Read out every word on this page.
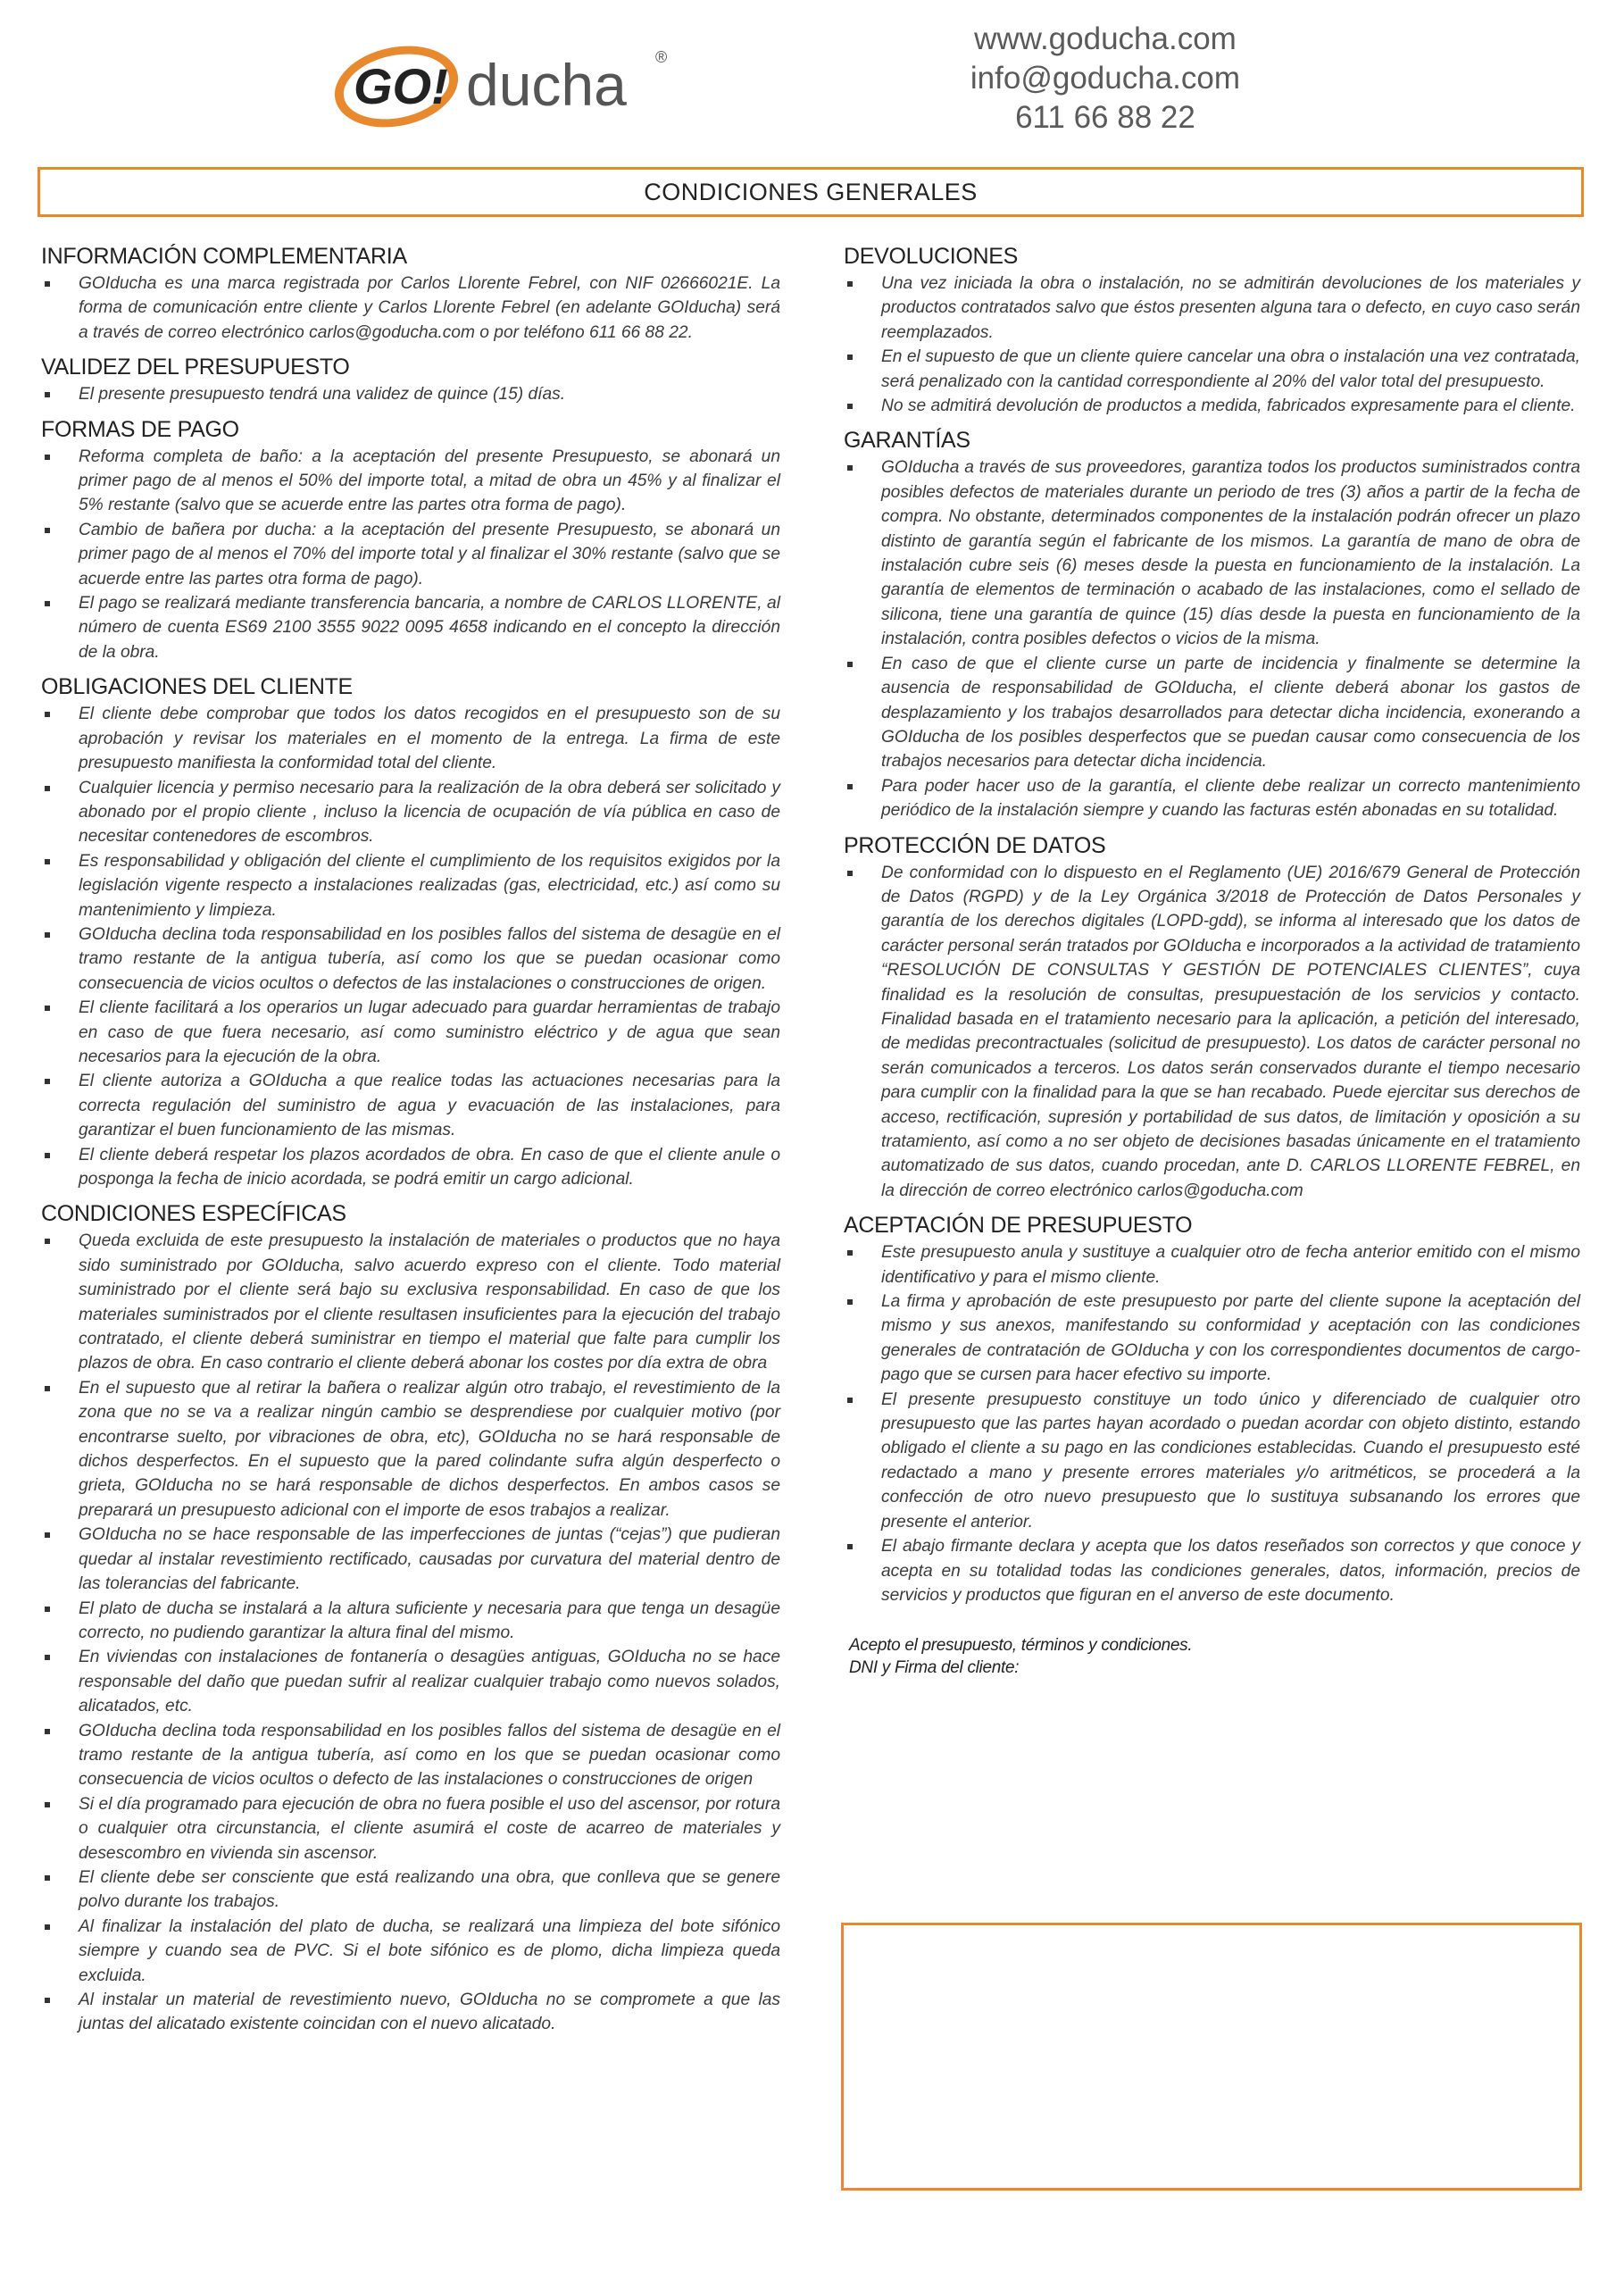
GO! ducha ®
www.goducha.com
info@goducha.com
611 66 88 22
CONDICIONES GENERALES
INFORMACIÓN COMPLEMENTARIA
GOIducha es una marca registrada por Carlos Llorente Febrel, con NIF 02666021E. La forma de comunicación entre cliente y Carlos Llorente Febrel (en adelante GOIducha) será a través de correo electrónico carlos@goducha.com o por teléfono 611 66 88 22.
VALIDEZ DEL PRESUPUESTO
El presente presupuesto tendrá una validez de quince (15) días.
FORMAS DE PAGO
Reforma completa de baño: a la aceptación del presente Presupuesto, se abonará un primer pago de al menos el 50% del importe total, a mitad de obra un 45% y al finalizar el 5% restante (salvo que se acuerde entre las partes otra forma de pago).
Cambio de bañera por ducha: a la aceptación del presente Presupuesto, se abonará un primer pago de al menos el 70% del importe total y al finalizar el 30% restante (salvo que se acuerde entre las partes otra forma de pago).
El pago se realizará mediante transferencia bancaria, a nombre de CARLOS LLORENTE, al número de cuenta ES69 2100 3555 9022 0095 4658 indicando en el concepto la dirección de la obra.
OBLIGACIONES DEL CLIENTE
El cliente debe comprobar que todos los datos recogidos en el presupuesto son de su aprobación y revisar los materiales en el momento de la entrega. La firma de este presupuesto manifiesta la conformidad total del cliente.
Cualquier licencia y permiso necesario para la realización de la obra deberá ser solicitado y abonado por el propio cliente , incluso la licencia de ocupación de vía pública en caso de necesitar contenedores de escombros.
Es responsabilidad y obligación del cliente el cumplimiento de los requisitos exigidos por la legislación vigente respecto a instalaciones realizadas (gas, electricidad, etc.) así como su mantenimiento y limpieza.
GOIducha declina toda responsabilidad en los posibles fallos del sistema de desagüe en el tramo restante de la antigua tubería, así como los que se puedan ocasionar como consecuencia de vicios ocultos o defectos de las instalaciones o construcciones de origen.
El cliente facilitará a los operarios un lugar adecuado para guardar herramientas de trabajo en caso de que fuera necesario, así como suministro eléctrico y de agua que sean necesarios para la ejecución de la obra.
El cliente autoriza a GOIducha a que realice todas las actuaciones necesarias para la correcta regulación del suministro de agua y evacuación de las instalaciones, para garantizar el buen funcionamiento de las mismas.
El cliente deberá respetar los plazos acordados de obra. En caso de que el cliente anule o posponga la fecha de inicio acordada, se podrá emitir un cargo adicional.
CONDICIONES ESPECÍFICAS
Queda excluida de este presupuesto la instalación de materiales o productos que no haya sido suministrado por GOIducha, salvo acuerdo expreso con el cliente. Todo material suministrado por el cliente será bajo su exclusiva responsabilidad. En caso de que los materiales suministrados por el cliente resultasen insuficientes para la ejecución del trabajo contratado, el cliente deberá suministrar en tiempo el material que falte para cumplir los plazos de obra. En caso contrario el cliente deberá abonar los costes por día extra de obra
En el supuesto que al retirar la bañera o realizar algún otro trabajo, el revestimiento de la zona que no se va a realizar ningún cambio se desprendiese por cualquier motivo (por encontrarse suelto, por vibraciones de obra, etc), GOIducha no se hará responsable de dichos desperfectos. En el supuesto que la pared colindante sufra algún desperfecto o grieta, GOIducha no se hará responsable de dichos desperfectos. En ambos casos se preparará un presupuesto adicional con el importe de esos trabajos a realizar.
GOIducha no se hace responsable de las imperfecciones de juntas (“cejas”) que pudieran quedar al instalar revestimiento rectificado, causadas por curvatura del material dentro de las tolerancias del fabricante.
El plato de ducha se instalará a la altura suficiente y necesaria para que tenga un desagüe correcto, no pudiendo garantizar la altura final del mismo.
En viviendas con instalaciones de fontanería o desagües antiguas, GOIducha no se hace responsable del daño que puedan sufrir al realizar cualquier trabajo como nuevos solados, alicatados, etc.
GOIducha declina toda responsabilidad en los posibles fallos del sistema de desagüe en el tramo restante de la antigua tubería, así como en los que se puedan ocasionar como consecuencia de vicios ocultos o defecto de las instalaciones o construcciones de origen
Si el día programado para ejecución de obra no fuera posible el uso del ascensor, por rotura o cualquier otra circunstancia, el cliente asumirá el coste de acarreo de materiales y desescombro en vivienda sin ascensor.
El cliente debe ser consciente que está realizando una obra, que conlleva que se genere polvo durante los trabajos.
Al finalizar la instalación del plato de ducha, se realizará una limpieza del bote sifónico siempre y cuando sea de PVC. Si el bote sifónico es de plomo, dicha limpieza queda excluida.
Al instalar un material de revestimiento nuevo, GOIducha no se compromete a que las juntas del alicatado existente coincidan con el nuevo alicatado.
DEVOLUCIONES
Una vez iniciada la obra o instalación, no se admitirán devoluciones de los materiales y productos contratados salvo que éstos presenten alguna tara o defecto, en cuyo caso serán reemplazados.
En el supuesto de que un cliente quiere cancelar una obra o instalación una vez contratada, será penalizado con la cantidad correspondiente al 20% del valor total del presupuesto.
No se admitirá devolución de productos a medida, fabricados expresamente para el cliente.
GARANTÍAS
GOIducha a través de sus proveedores, garantiza todos los productos suministrados contra posibles defectos de materiales durante un periodo de tres (3) años a partir de la fecha de compra. No obstante, determinados componentes de la instalación podrán ofrecer un plazo distinto de garantía según el fabricante de los mismos. La garantía de mano de obra de instalación cubre seis (6) meses desde la puesta en funcionamiento de la instalación. La garantía de elementos de terminación o acabado de las instalaciones, como el sellado de silicona, tiene una garantía de quince (15) días desde la puesta en funcionamiento de la instalación, contra posibles defectos o vicios de la misma.
En caso de que el cliente curse un parte de incidencia y finalmente se determine la ausencia de responsabilidad de GOIducha, el cliente deberá abonar los gastos de desplazamiento y los trabajos desarrollados para detectar dicha incidencia, exonerando a GOIducha de los posibles desperfectos que se puedan causar como consecuencia de los trabajos necesarios para detectar dicha incidencia.
Para poder hacer uso de la garantía, el cliente debe realizar un correcto mantenimiento periódico de la instalación siempre y cuando las facturas estén abonadas en su totalidad.
PROTECCIÓN DE DATOS
De conformidad con lo dispuesto en el Reglamento (UE) 2016/679 General de Protección de Datos (RGPD) y de la Ley Orgánica 3/2018 de Protección de Datos Personales y garantía de los derechos digitales (LOPD-gdd), se informa al interesado que los datos de carácter personal serán tratados por GOIducha e incorporados a la actividad de tratamiento “RESOLUCIÓN DE CONSULTAS Y GESTIÓN DE POTENCIALES CLIENTES”, cuya finalidad es la resolución de consultas, presupuestación de los servicios y contacto. Finalidad basada en el tratamiento necesario para la aplicación, a petición del interesado, de medidas precontractuales (solicitud de presupuesto). Los datos de carácter personal no serán comunicados a terceros. Los datos serán conservados durante el tiempo necesario para cumplir con la finalidad para la que se han recabado. Puede ejercitar sus derechos de acceso, rectificación, supresión y portabilidad de sus datos, de limitación y oposición a su tratamiento, así como a no ser objeto de decisiones basadas únicamente en el tratamiento automatizado de sus datos, cuando procedan, ante D. CARLOS LLORENTE FEBREL, en la dirección de correo electrónico carlos@goducha.com
ACEPTACIÓN DE PRESUPUESTO
Este presupuesto anula y sustituye a cualquier otro de fecha anterior emitido con el mismo identificativo y para el mismo cliente.
La firma y aprobación de este presupuesto por parte del cliente supone la aceptación del mismo y sus anexos, manifestando su conformidad y aceptación con las condiciones generales de contratación de GOIducha y con los correspondientes documentos de cargo-pago que se cursen para hacer efectivo su importe.
El presente presupuesto constituye un todo único y diferenciado de cualquier otro presupuesto que las partes hayan acordado o puedan acordar con objeto distinto, estando obligado el cliente a su pago en las condiciones establecidas. Cuando el presupuesto esté redactado a mano y presente errores materiales y/o aritméticos, se procederá a la confección de otro nuevo presupuesto que lo sustituya subsanando los errores que presente el anterior.
El abajo firmante declara y acepta que los datos reseñados son correctos y que conoce y acepta en su totalidad todas las condiciones generales, datos, información, precios de servicios y productos que figuran en el anverso de este documento.
Acepto el presupuesto, términos y condiciones.
DNI y Firma del cliente:
